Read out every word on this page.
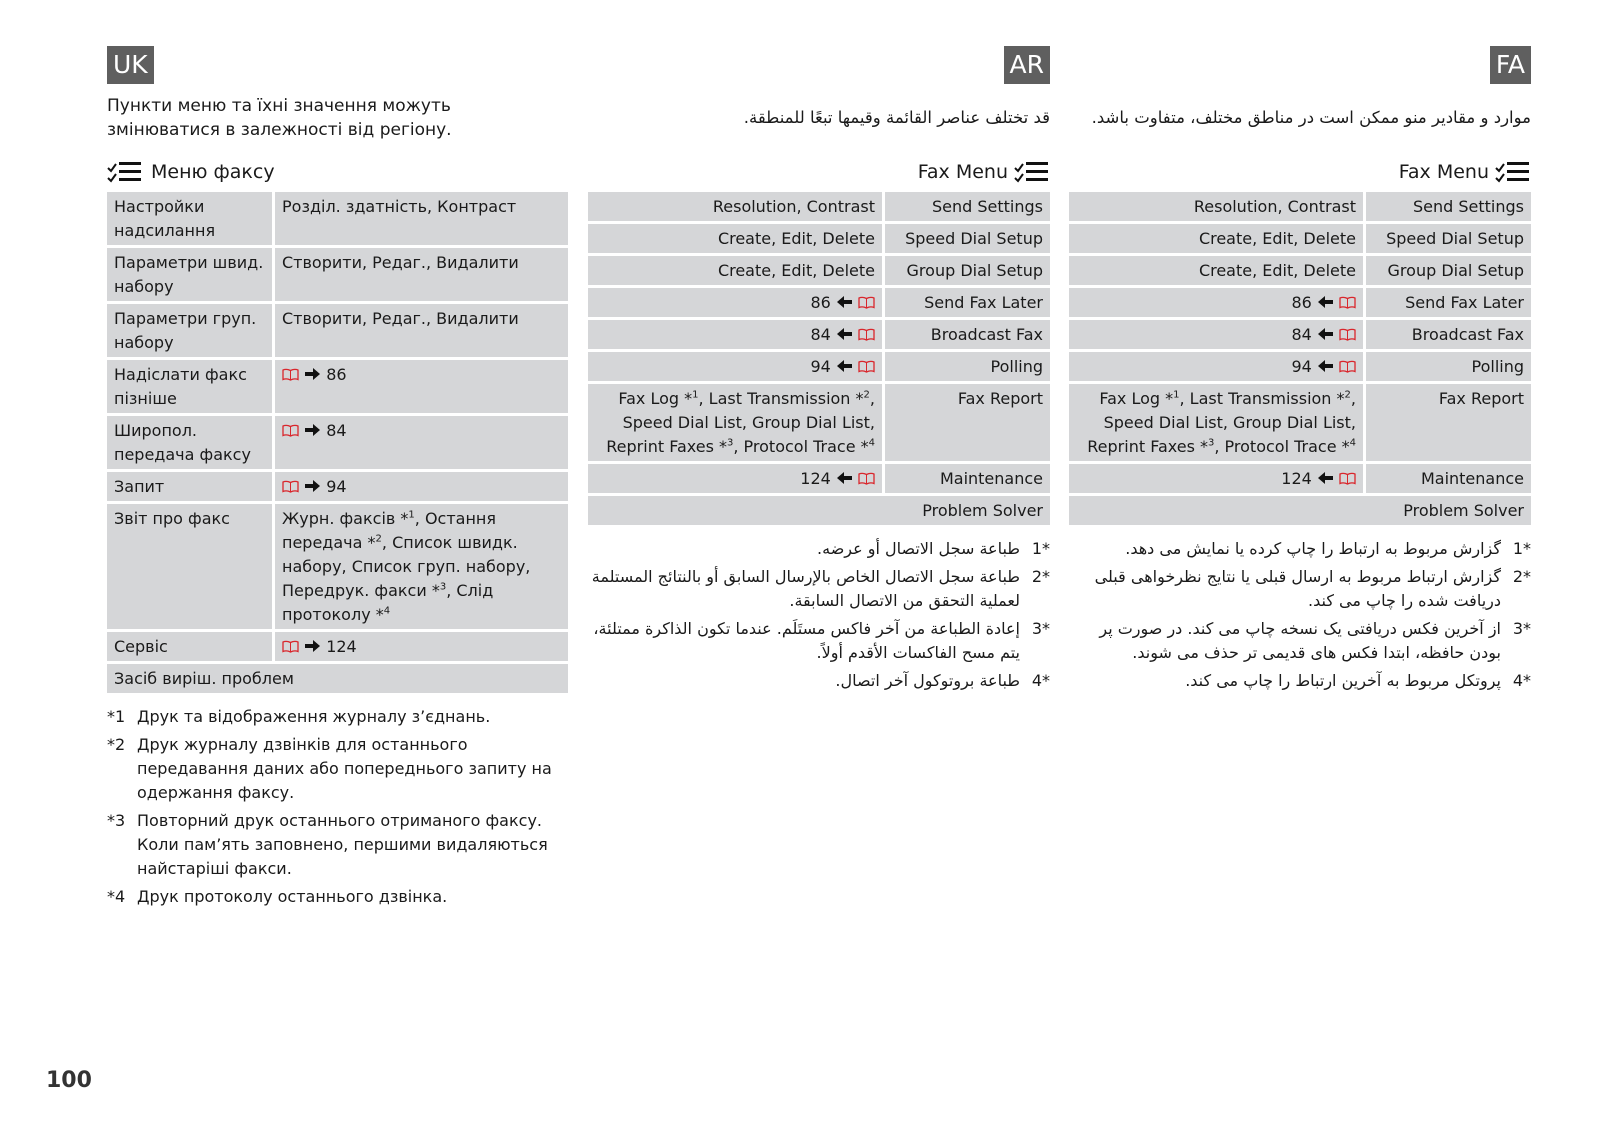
UK
Пункти меню та їхні значення можуть змінюватися в залежності від регіону.
Меню факсу
Настройки надсилання	Розділ. здатність, Контраст
Параметри швид. набору	Створити, Редаг., Видалити
Параметри груп. набору	Створити, Редаг., Видалити
Надіслати факс пізніше	86
Широпол. передача факсу	84
Запит	94
Звіт про факс	Журн. факсів *$^1$, Остання передача *$^2$, Список швидк. набору, Список груп. набору, Передрук. факси *$^3$, Слід протоколу *$^4$
Сервіс	124
Засіб виріш. проблем	
*1 Друк та відображення журналу з’єднань.
*2 Друк журналу дзвінків для останнього передавання даних або попереднього запиту на одержання факсу.
*3 Повторний друк останнього отриманого факсу. Коли пам’ять заповнено, першими видаляються найстаріші факси.
*4 Друк протоколу останнього дзвінка.
AR
قد تختلف عناصر القائمة وقيمها تبعًا للمنطقة.
Fax Menu
Resolution, Contrast	Send Settings
Create, Edit, Delete	Speed Dial Setup
Create, Edit, Delete	Group Dial Setup
86	Send Fax Later
84	Broadcast Fax
94	Polling

Fax Log *$^1$, Last Transmission *$^2$,
Speed Dial List, Group Dial List,
Reprint Faxes *$^3$, Protocol Trace *$^4$	Fax Report
124	Maintenance
Problem Solver	
*1
طباعة سجل الاتصال أو عرضه.
*2
طباعة سجل الاتصال الخاص بالإرسال السابق أو بالنتائج المستلمة لعملية التحقق من الاتصال السابقة.
*3
إعادة الطباعة من آخر فاكس مستَلَم. عندما تكون الذاكرة ممتلئة، يتم مسح الفاكسات الأقدم أولاً.
*4
طباعة بروتوكول آخر اتصال.
FA
موارد و مقادیر منو ممکن است در مناطق مختلف، متفاوت باشد.
Fax Menu
Resolution, Contrast	Send Settings
Create, Edit, Delete	Speed Dial Setup
Create, Edit, Delete	Group Dial Setup
86	Send Fax Later
84	Broadcast Fax
94	Polling

Fax Log *$^1$, Last Transmission *$^2$,
Speed Dial List, Group Dial List,
Reprint Faxes *$^3$, Protocol Trace *$^4$	Fax Report
124	Maintenance
Problem Solver	
*1
گزارش مربوط به ارتباط را چاپ کرده یا نمایش می دهد.
*2
گزارش ارتباط مربوط به ارسال قبلی یا نتایج نظرخواهی قبلی دریافت شده را چاپ می کند.
*3
از آخرین فکس دریافتی یک نسخه چاپ می کند. در صورت پر بودن حافظه، ابتدا فکس های قدیمی تر حذف می شوند.
*4
پروتکل مربوط به آخرین ارتباط را چاپ می کند.
100
